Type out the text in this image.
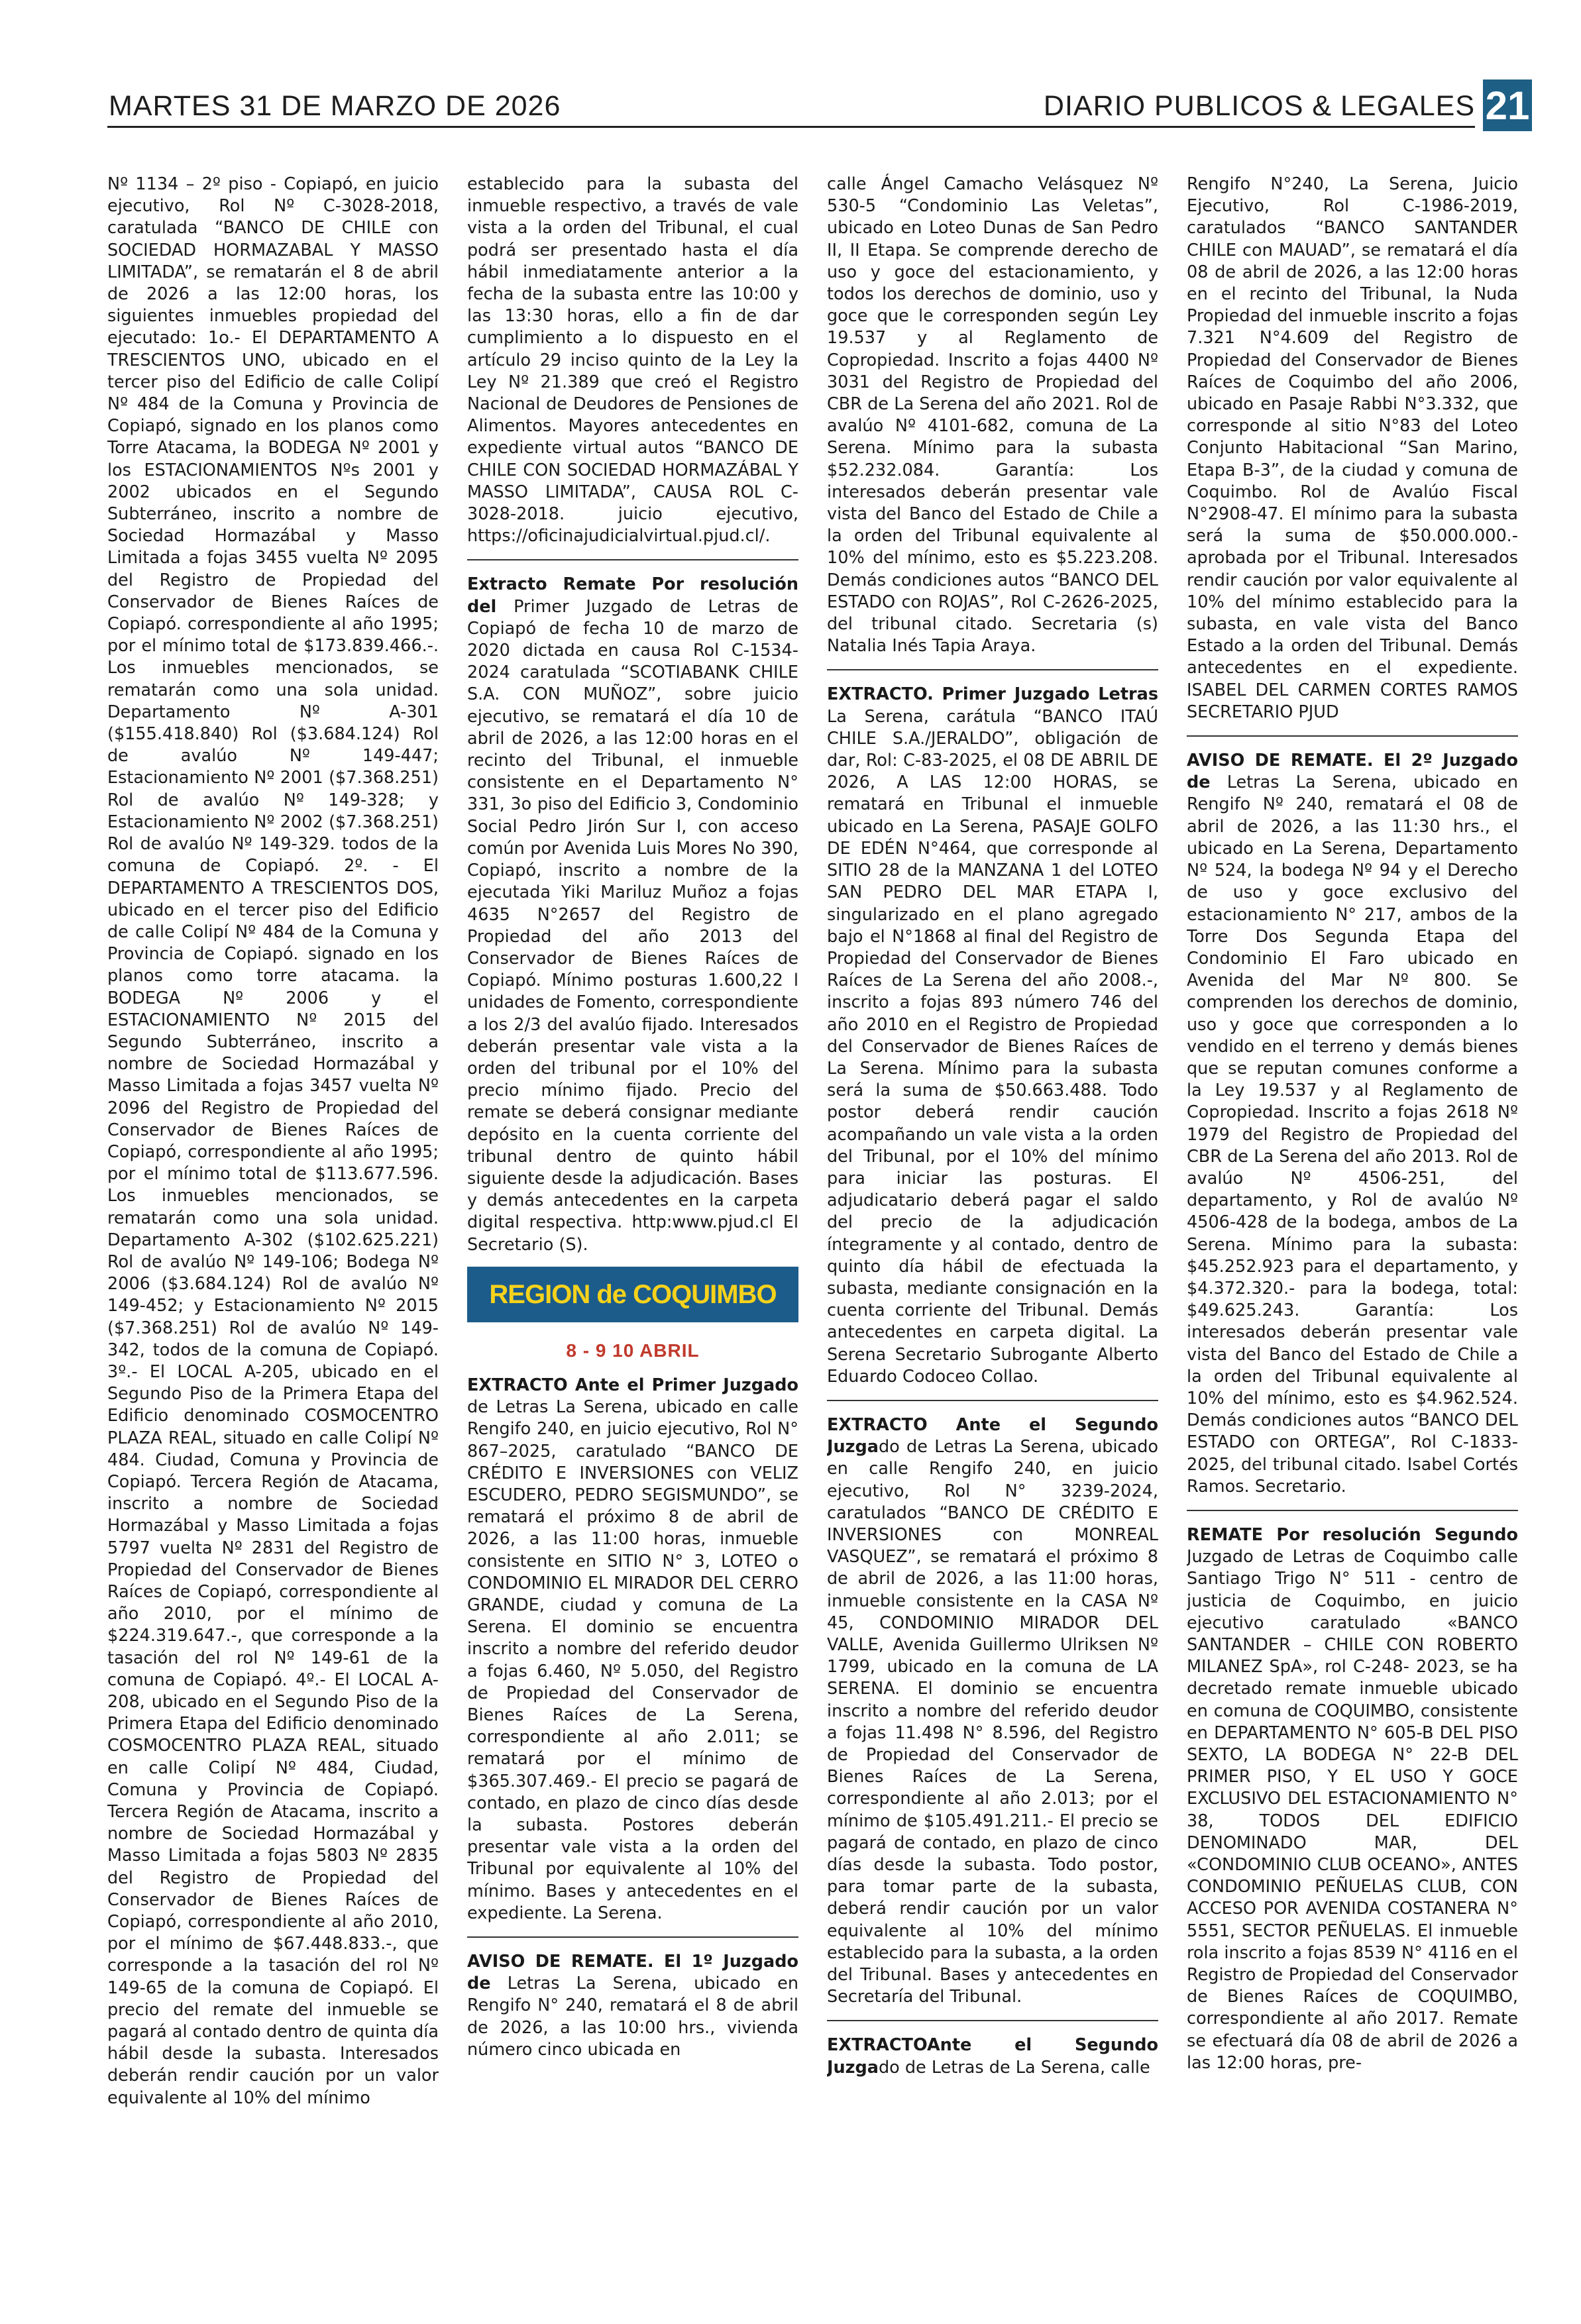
MARTES 31 DE MARZO DE 2026	DIARIO PUBLICOS & LEGALES 21

Nº 1134 – 2º piso - Copiapó, en juicio ejecutivo, Rol Nº C-3028-2018, caratulada “BANCO DE CHILE con SOCIEDAD HORMAZABAL Y MASSO LIMITADA”, se rematarán el 8 de abril de 2026 a las 12:00 horas, los siguientes inmuebles propiedad del ejecutado: 1o.- El DEPARTAMENTO A TRESCIENTOS UNO, ubicado en el tercer piso del Edificio de calle Colipí Nº 484 de la Comuna y Provincia de Copiapó, signado en los planos como Torre Atacama, la BODEGA Nº 2001 y los ESTACIONAMIENTOS Nºs 2001 y 2002 ubicados en el Segundo Subterráneo, inscrito a nombre de Sociedad Hormazábal y Masso Limitada a fojas 3455 vuelta Nº 2095 del Registro de Propiedad del Conservador de Bienes Raíces de Copiapó. correspondiente al año 1995; por el mínimo total de $173.839.466.-. Los inmuebles mencionados, se rematarán como una sola unidad. Departamento Nº A-301 ($155.418.840) Rol ($3.684.124) Rol de avalúo Nº 149-447; Estacionamiento Nº 2001 ($7.368.251) Rol de avalúo Nº 149-328; y Estacionamiento Nº 2002 ($7.368.251) Rol de avalúo Nº 149-329. todos de la comuna de Copiapó. 2º. - El DEPARTAMENTO A TRESCIENTOS DOS, ubicado en el tercer piso del Edificio de calle Colipí Nº 484 de la Comuna y Provincia de Copiapó. signado en los planos como torre atacama. la BODEGA Nº 2006 y el ESTACIONAMIENTO Nº 2015 del Segundo Subterráneo, inscrito a nombre de Sociedad Hormazábal y Masso Limitada a fojas 3457 vuelta Nº 2096 del Registro de Propiedad del Conservador de Bienes Raíces de Copiapó, correspondiente al año 1995; por el mínimo total de $113.677.596. Los inmuebles mencionados, se rematarán como una sola unidad. Departamento A-302 ($102.625.221) Rol de avalúo Nº 149-106; Bodega Nº 2006 ($3.684.124) Rol de avalúo Nº 149-452; y Estacionamiento Nº 2015 ($7.368.251) Rol de avalúo Nº 149-342, todos de la comuna de Copiapó. 3º.- El LOCAL A-205, ubicado en el Segundo Piso de la Primera Etapa del Edificio denominado COSMOCENTRO PLAZA REAL, situado en calle Colipí Nº 484. Ciudad, Comuna y Provincia de Copiapó. Tercera Región de Atacama, inscrito a nombre de Sociedad Hormazábal y Masso Limitada a fojas 5797 vuelta Nº 2831 del Registro de Propiedad del Conservador de Bienes Raíces de Copiapó, correspondiente al año 2010, por el mínimo de $224.319.647.-, que corresponde a la tasación del rol Nº 149-61 de la comuna de Copiapó. 4º.- El LOCAL A-208, ubicado en el Segundo Piso de la Primera Etapa del Edificio denominado COSMOCENTRO PLAZA REAL, situado en calle Colipí Nº 484, Ciudad, Comuna y Provincia de Copiapó. Tercera Región de Atacama, inscrito a nombre de Sociedad Hormazábal y Masso Limitada a fojas 5803 Nº 2835 del Registro de Propiedad del Conservador de Bienes Raíces de Copiapó, correspondiente al año 2010, por el mínimo de $67.448.833.-, que corresponde a la tasación del rol Nº 149-65 de la comuna de Copiapó. El precio del remate del inmueble se pagará al contado dentro de quinta día hábil desde la subasta. Interesados deberán rendir caución por un valor equivalente al 10% del mínimo

establecido para la subasta del inmueble respectivo, a través de vale vista a la orden del Tribunal, el cual podrá ser presentado hasta el día hábil inmediatamente anterior a la fecha de la subasta entre las 10:00 y las 13:30 horas, ello a fin de dar cumplimiento a lo dispuesto en el artículo 29 inciso quinto de la Ley la Ley Nº 21.389 que creó el Registro Nacional de Deudores de Pensiones de Alimentos. Mayores antecedentes en expediente virtual autos “BANCO DE CHILE CON SOCIEDAD HORMAZÁBAL Y MASSO LIMITADA”, CAUSA ROL C-3028-2018. juicio ejecutivo, https://oficinajudicialvirtual.pjud.cl/.

Extracto Remate Por resolución del Primer Juzgado de Letras de Copiapó de fecha 10 de marzo de 2020 dictada en causa Rol C-1534-2024 caratulada “SCOTIABANK CHILE S.A. CON MUÑOZ”, sobre juicio ejecutivo, se rematará el día 10 de abril de 2026, a las 12:00 horas en el recinto del Tribunal, el inmueble consistente en el Departamento N° 331, 3o piso del Edificio 3, Condominio Social Pedro Jirón Sur I, con acceso común por Avenida Luis Mores No 390, Copiapó, inscrito a nombre de la ejecutada Yiki Mariluz Muñoz a fojas 4635 N°2657 del Registro de Propiedad del año 2013 del Conservador de Bienes Raíces de Copiapó. Mínimo posturas 1.600,22 l unidades de Fomento, correspondiente a los 2/3 del avalúo fijado. Interesados deberán presentar vale vista a la orden del tribunal por el 10% del precio mínimo fijado. Precio del remate se deberá consignar mediante depósito en la cuenta corriente del tribunal dentro de quinto hábil siguiente desde la adjudicación. Bases y demás antecedentes en la carpeta digital respectiva. http:www.pjud.cl El Secretario (S).

REGION de COQUIMBO
8 - 9 10 ABRIL

EXTRACTO Ante el Primer Juzgado de Letras La Serena, ubicado en calle Rengifo 240, en juicio ejecutivo, Rol N° 867–2025, caratulado “BANCO DE CRÉDITO E INVERSIONES con VELIZ ESCUDERO, PEDRO SEGISMUNDO”, se rematará el próximo 8 de abril de 2026, a las 11:00 horas, inmueble consistente en SITIO N° 3, LOTEO o CONDOMINIO EL MIRADOR DEL CERRO GRANDE, ciudad y comuna de La Serena. El dominio se encuentra inscrito a nombre del referido deudor a fojas 6.460, Nº 5.050, del Registro de Propiedad del Conservador de Bienes Raíces de La Serena, correspondiente al año 2.011; se rematará por el mínimo de $365.307.469.- El precio se pagará de contado, en plazo de cinco días desde la subasta. Postores deberán presentar vale vista a la orden del Tribunal por equivalente al 10% del mínimo. Bases y antecedentes en el expediente. La Serena.

AVISO DE REMATE. El 1º Juzgado de Letras La Serena, ubicado en Rengifo N° 240, rematará el 8 de abril de 2026, a las 10:00 hrs., vivienda número cinco ubicada en

calle Ángel Camacho Velásquez Nº 530-5 “Condominio Las Veletas”, ubicado en Loteo Dunas de San Pedro II, II Etapa. Se comprende derecho de uso y goce del estacionamiento, y todos los derechos de dominio, uso y goce que le corresponden según Ley 19.537 y al Reglamento de Copropiedad. Inscrito a fojas 4400 Nº 3031 del Registro de Propiedad del CBR de La Serena del año 2021. Rol de avalúo Nº 4101-682, comuna de La Serena. Mínimo para la subasta $52.232.084. Garantía: Los interesados deberán presentar vale vista del Banco del Estado de Chile a la orden del Tribunal equivalente al 10% del mínimo, esto es $5.223.208. Demás condiciones autos “BANCO DEL ESTADO con ROJAS”, Rol C-2626-2025, del tribunal citado. Secretaria (s) Natalia Inés Tapia Araya.

EXTRACTO. Primer Juzgado Letras La Serena, carátula “BANCO ITAÚ CHILE S.A./JERALDO”, obligación de dar, Rol: C-83-2025, el 08 DE ABRIL DE 2026, A LAS 12:00 HORAS, se rematará en Tribunal el inmueble ubicado en La Serena, PASAJE GOLFO DE EDÉN N°464, que corresponde al SITIO 28 de la MANZANA 1 del LOTEO SAN PEDRO DEL MAR ETAPA I, singularizado en el plano agregado bajo el N°1868 al final del Registro de Propiedad del Conservador de Bienes Raíces de La Serena del año 2008.-, inscrito a fojas 893 número 746 del año 2010 en el Registro de Propiedad del Conservador de Bienes Raíces de La Serena. Mínimo para la subasta será la suma de $50.663.488. Todo postor deberá rendir caución acompañando un vale vista a la orden del Tribunal, por el 10% del mínimo para iniciar las posturas. El adjudicatario deberá pagar el saldo del precio de la adjudicación íntegramente y al contado, dentro de quinto día hábil de efectuada la subasta, mediante consignación en la cuenta corriente del Tribunal. Demás antecedentes en carpeta digital. La Serena Secretario Subrogante Alberto Eduardo Codoceo Collao.

EXTRACTO Ante el Segundo Juzgado de Letras La Serena, ubicado en calle Rengifo 240, en juicio ejecutivo, Rol N° 3239-2024, caratulados “BANCO DE CRÉDITO E INVERSIONES con MONREAL VASQUEZ”, se rematará el próximo 8 de abril de 2026, a las 11:00 horas, inmueble consistente en la CASA Nº 45, CONDOMINIO MIRADOR DEL VALLE, Avenida Guillermo Ulriksen Nº 1799, ubicado en la comuna de LA SERENA. El dominio se encuentra inscrito a nombre del referido deudor a fojas 11.498 N° 8.596, del Registro de Propiedad del Conservador de Bienes Raíces de La Serena, correspondiente al año 2.013; por el mínimo de $105.491.211.- El precio se pagará de contado, en plazo de cinco días desde la subasta. Todo postor, para tomar parte de la subasta, deberá rendir caución por un valor equivalente al 10% del mínimo establecido para la subasta, a la orden del Tribunal. Bases y antecedentes en Secretaría del Tribunal.

EXTRACTOAnte el Segundo Juzgado de Letras de La Serena, calle

Rengifo N°240, La Serena, Juicio Ejecutivo, Rol C-1986-2019, caratulados “BANCO SANTANDER CHILE con MAUAD”, se rematará el día 08 de abril de 2026, a las 12:00 horas en el recinto del Tribunal, la Nuda Propiedad del inmueble inscrito a fojas 7.321 N°4.609 del Registro de Propiedad del Conservador de Bienes Raíces de Coquimbo del año 2006, ubicado en Pasaje Rabbi N°3.332, que corresponde al sitio N°83 del Loteo Conjunto Habitacional “San Marino, Etapa B-3”, de la ciudad y comuna de Coquimbo. Rol de Avalúo Fiscal N°2908-47. El mínimo para la subasta será la suma de $50.000.000.- aprobada por el Tribunal. Interesados rendir caución por valor equivalente al 10% del mínimo establecido para la subasta, en vale vista del Banco Estado a la orden del Tribunal. Demás antecedentes en el expediente. ISABEL DEL CARMEN CORTES RAMOS SECRETARIO PJUD

AVISO DE REMATE. El 2º Juzgado de Letras La Serena, ubicado en Rengifo Nº 240, rematará el 08 de abril de 2026, a las 11:30 hrs., el ubicado en La Serena, Departamento Nº 524, la bodega Nº 94 y el Derecho de uso y goce exclusivo del estacionamiento N° 217, ambos de la Torre Dos Segunda Etapa del Condominio El Faro ubicado en Avenida del Mar Nº 800. Se comprenden los derechos de dominio, uso y goce que corresponden a lo vendido en el terreno y demás bienes que se reputan comunes conforme a la Ley 19.537 y al Reglamento de Copropiedad. Inscrito a fojas 2618 Nº 1979 del Registro de Propiedad del CBR de La Serena del año 2013. Rol de avalúo Nº 4506-251, del departamento, y Rol de avalúo Nº 4506-428 de la bodega, ambos de La Serena. Mínimo para la subasta: $45.252.923 para el departamento, y $4.372.320.- para la bodega, total: $49.625.243. Garantía: Los interesados deberán presentar vale vista del Banco del Estado de Chile a la orden del Tribunal equivalente al 10% del mínimo, esto es $4.962.524. Demás condiciones autos “BANCO DEL ESTADO con ORTEGA”, Rol C-1833-2025, del tribunal citado. Isabel Cortés Ramos. Secretario.

REMATE Por resolución Segundo Juzgado de Letras de Coquimbo calle Santiago Trigo N° 511 - centro de justicia de Coquimbo, en juicio ejecutivo caratulado «BANCO SANTANDER – CHILE CON ROBERTO MILANEZ SpA», rol C-248- 2023, se ha decretado remate inmueble ubicado en comuna de COQUIMBO, consistente en DEPARTAMENTO N° 605-B DEL PISO SEXTO, LA BODEGA N° 22-B DEL PRIMER PISO, Y EL USO Y GOCE EXCLUSIVO DEL ESTACIONAMIENTO N° 38, TODOS DEL EDIFICIO DENOMINADO MAR, DEL «CONDOMINIO CLUB OCEANO», ANTES CONDOMINIO PEÑUELAS CLUB, CON ACCESO POR AVENIDA COSTANERA N° 5551, SECTOR PEÑUELAS. El inmueble rola inscrito a fojas 8539 N° 4116 en el Registro de Propiedad del Conservador de Bienes Raíces de COQUIMBO, correspondiente al año 2017. Remate se efectuará día 08 de abril de 2026 a las 12:00 horas, pre-
